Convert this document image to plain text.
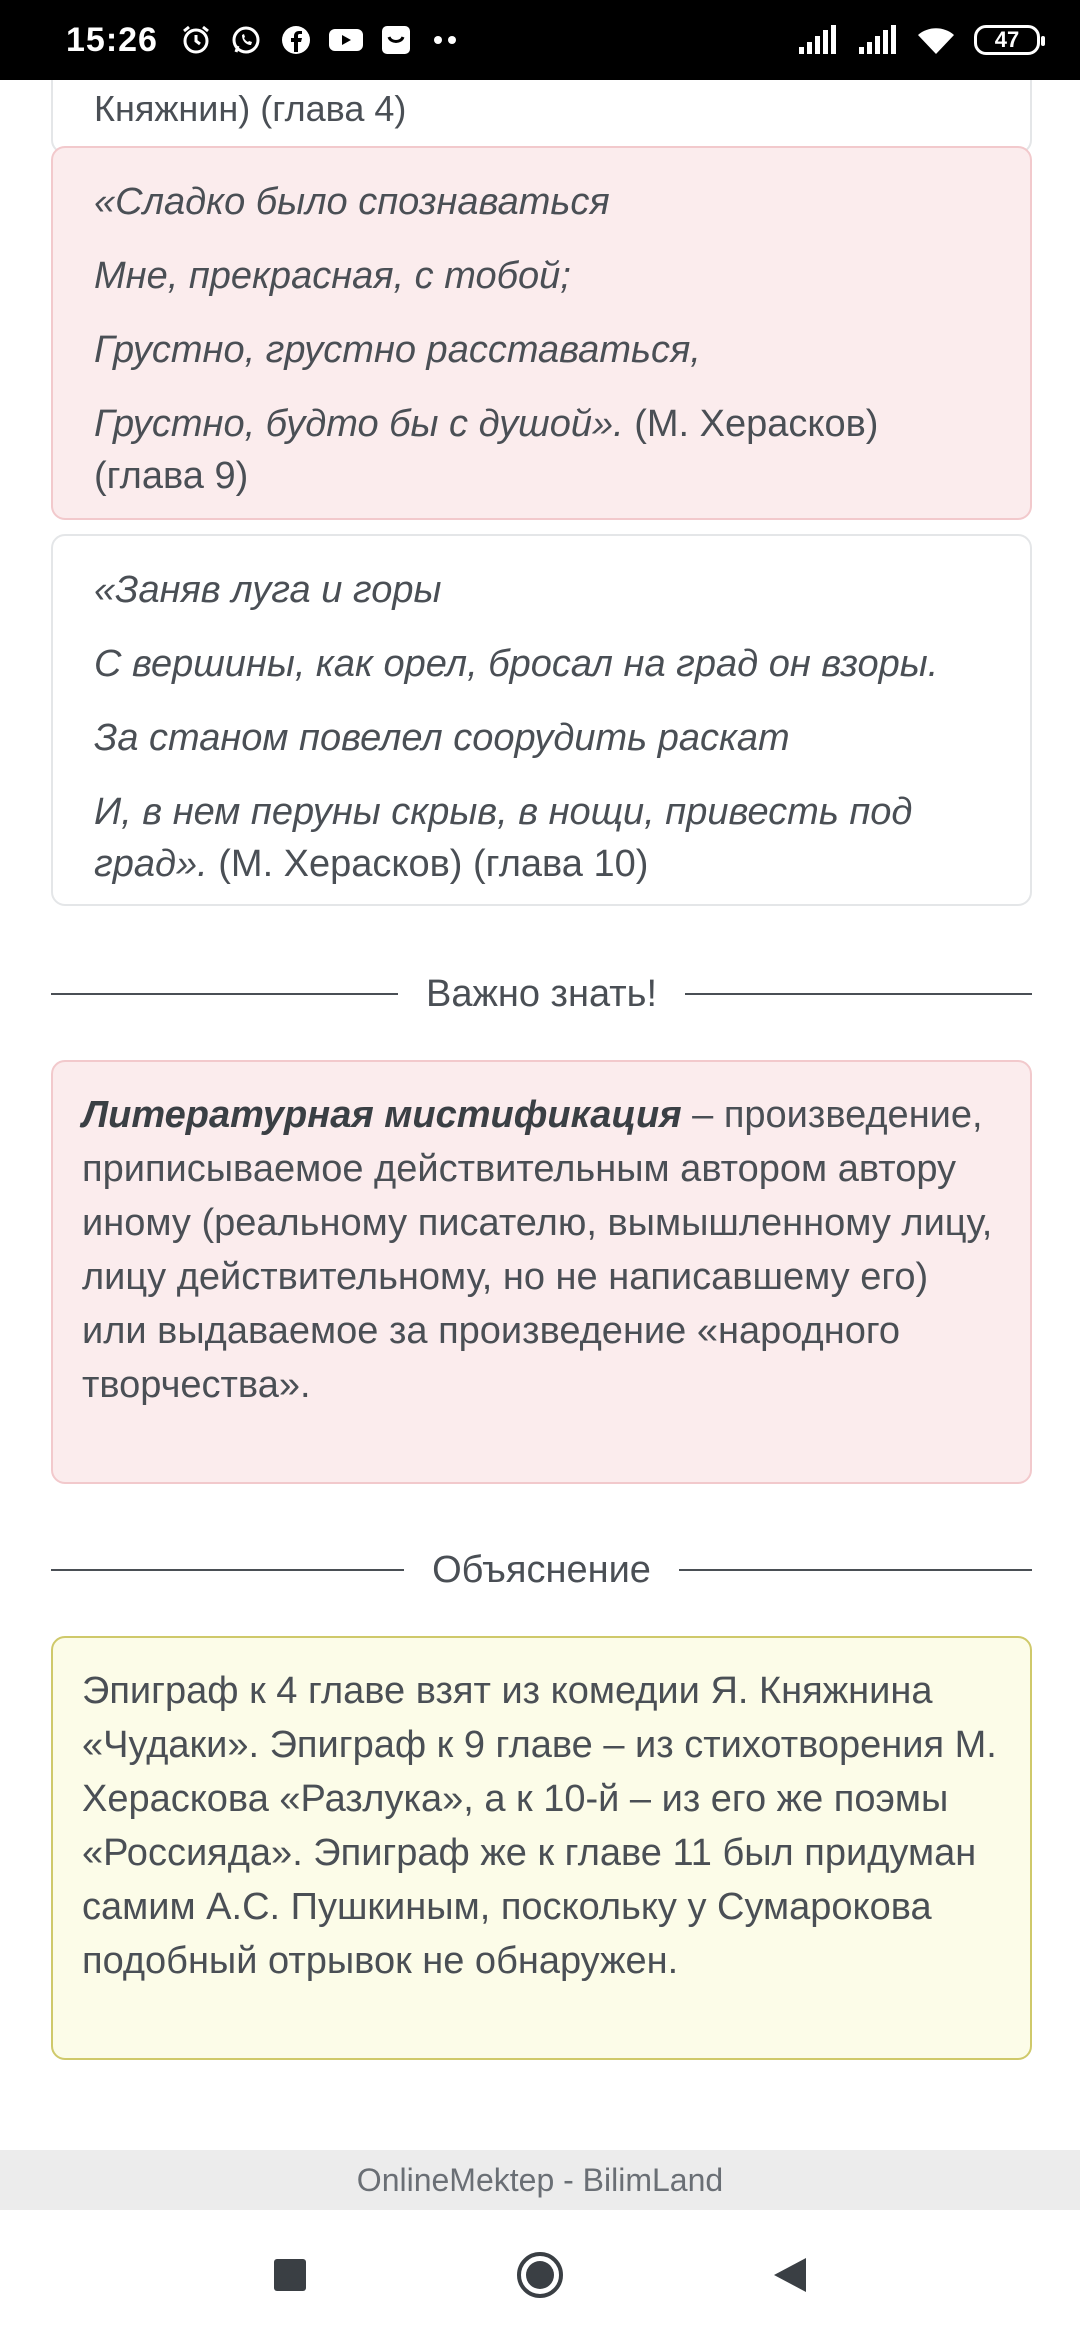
15:26	47
Княжнин) (глава 4)
«Сладко было спознаваться
Мне, прекрасная, с тобой;
Грустно, грустно расставаться,
Грустно, будто бы с душой». (М. Херасков) (глава 9)
«Заняв луга и горы
С вершины, как орел, бросал на град он взоры.
За станом повелел соорудить раскат
И, в нем перуны скрыв, в нощи, привесть под град». (М. Херасков) (глава 10)
Важно знать!
Литературная мистификация – произведение, приписываемое действительным автором автору иному (реальному писателю, вымышленному лицу, лицу действительному, но не написавшему его) или выдаваемое за произведение «народного творчества».
Объяснение
Эпиграф к 4 главе взят из комедии Я. Княжнина «Чудаки». Эпиграф к 9 главе – из стихотворения М. Хераскова «Разлука», а к 10-й – из его же поэмы «Россияда». Эпиграф же к главе 11 был придуман самим А.С. Пушкиным, поскольку у Сумарокова подобный отрывок не обнаружен.
OnlineMektep - BilimLand
